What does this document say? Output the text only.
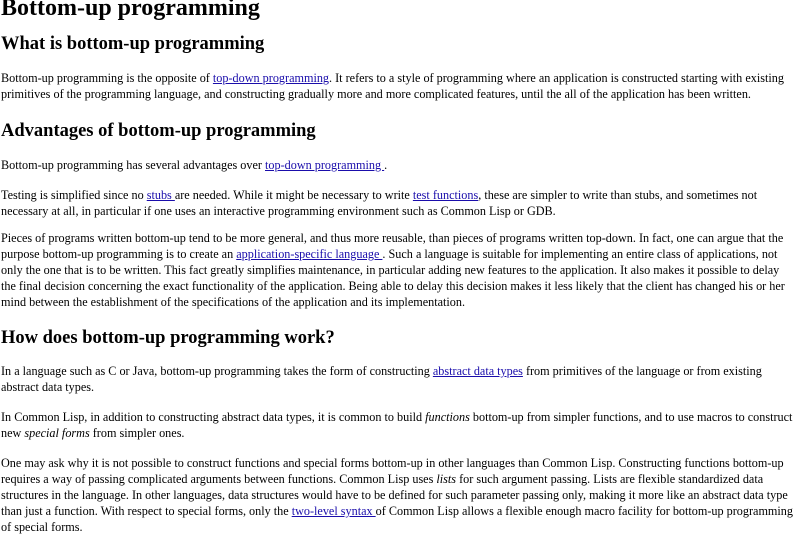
Bottom-up programming
What is bottom-up programming

Bottom-up programming is the opposite of top-down programming. It refers to a style of programming where an application is constructed starting with existing primitives of the programming language, and constructing gradually more and more complicated features, until the all of the application has been written.

Advantages of bottom-up programming

Bottom-up programming has several advantages over top-down programming .

Testing is simplified since no stubs are needed. While it might be necessary to write test functions, these are simpler to write than stubs, and sometimes not necessary at all, in particular if one uses an interactive programming environment such as Common Lisp or GDB.

Pieces of programs written bottom-up tend to be more general, and thus more reusable, than pieces of programs written top-down. In fact, one can argue that the purpose bottom-up programming is to create an application-specific language . Such a language is suitable for implementing an entire class of applications, not only the one that is to be written. This fact greatly simplifies maintenance, in particular adding new features to the application. It also makes it possible to delay the final decision concerning the exact functionality of the application. Being able to delay this decision makes it less likely that the client has changed his or her mind between the establishment of the specifications of the application and its implementation.

How does bottom-up programming work?

In a language such as C or Java, bottom-up programming takes the form of constructing abstract data types from primitives of the language or from existing abstract data types.

In Common Lisp, in addition to constructing abstract data types, it is common to build functions bottom-up from simpler functions, and to use macros to construct new special forms from simpler ones.

One may ask why it is not possible to construct functions and special forms bottom-up in other languages than Common Lisp. Constructing functions bottom-up requires a way of passing complicated arguments between functions. Common Lisp uses lists for such argument passing. Lists are flexible standardized data structures in the language. In other languages, data structures would have to be defined for such parameter passing only, making it more like an abstract data type than just a function. With respect to special forms, only the two-level syntax of Common Lisp allows a flexible enough macro facility for bottom-up programming of special forms.
